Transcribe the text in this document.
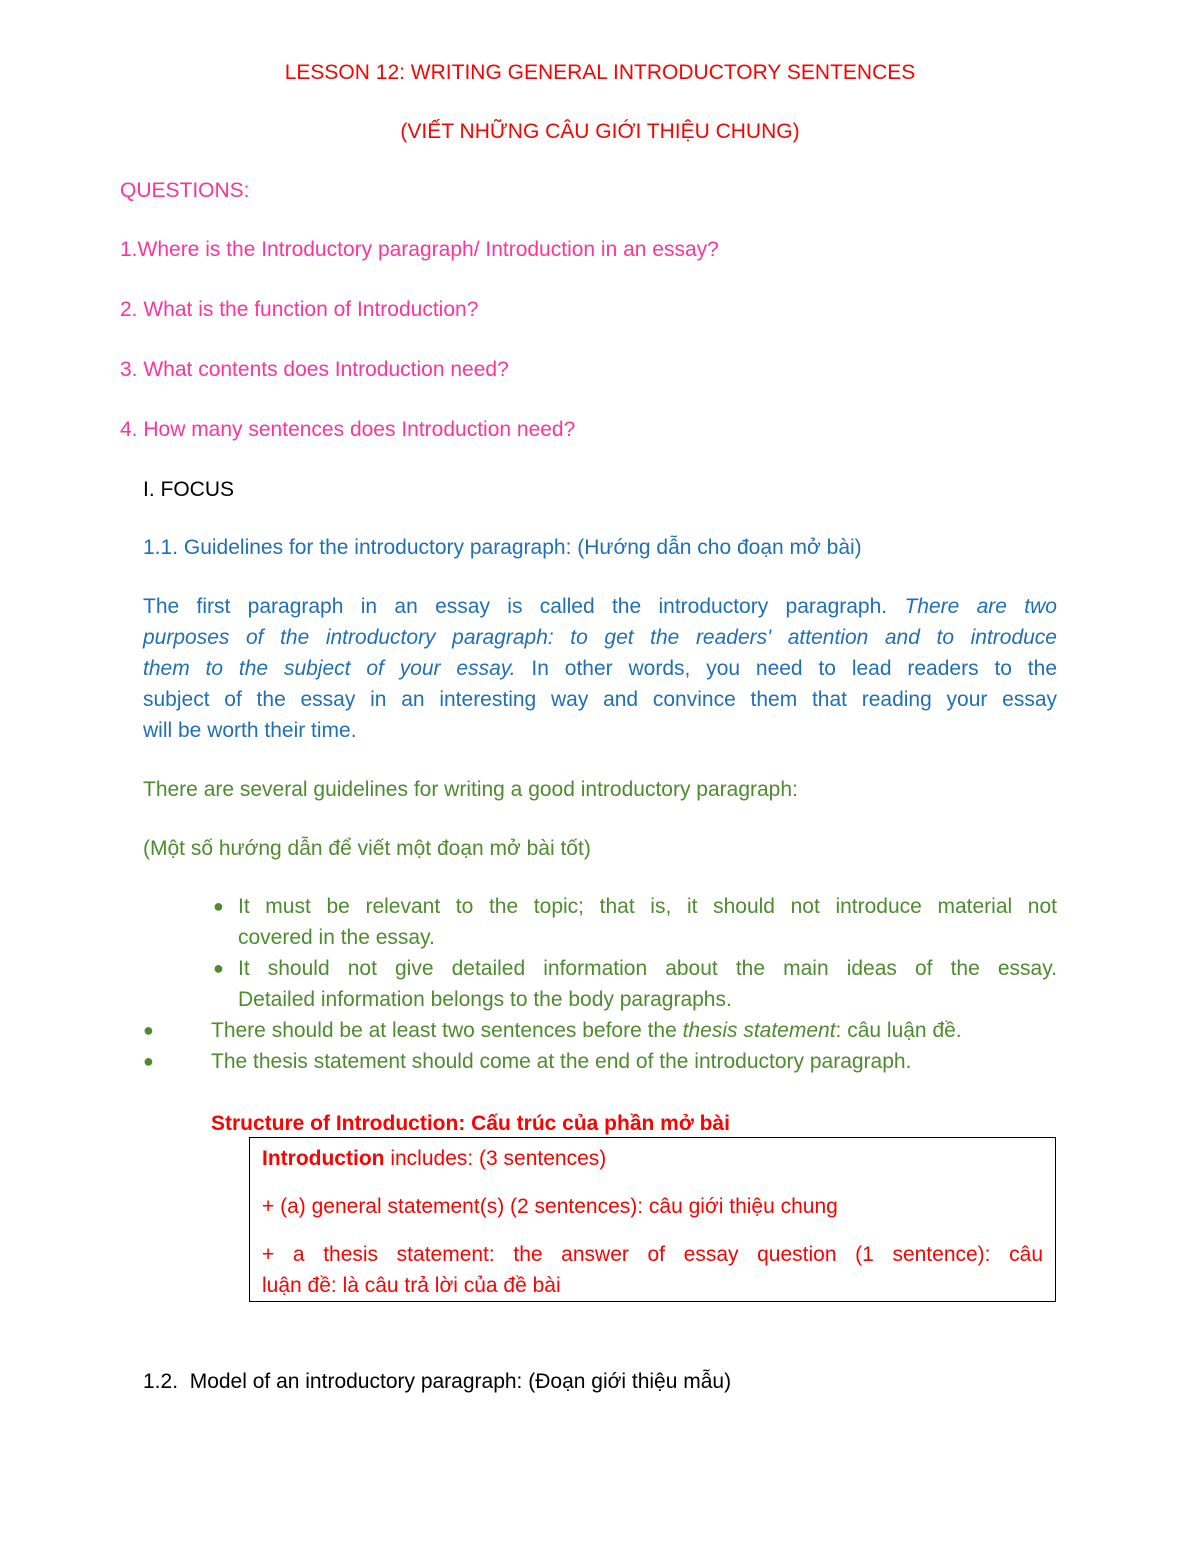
LESSON 12: WRITING GENERAL INTRODUCTORY SENTENCES
(VIẾT NHỮNG CÂU GIỚI THIỆU CHUNG)
QUESTIONS:
1.Where is the Introductory paragraph/ Introduction in an essay?
2. What is the function of Introduction?
3. What contents does Introduction need?
4. How many sentences does Introduction need?
I. FOCUS
1.1. Guidelines for the introductory paragraph: (Hướng dẫn cho đoạn mở bài)
The first paragraph in an essay is called the introductory paragraph. There are two
purposes of the introductory paragraph: to get the readers' attention and to introduce
them to the subject of your essay. In other words, you need to lead readers to the
subject of the essay in an interesting way and convince them that reading your essay
will be worth their time.
There are several guidelines for writing a good introductory paragraph:
(Một số hướng dẫn để viết một đoạn mở bài tốt)
● It must be relevant to the topic; that is, it should not introduce material not
covered in the essay.
● It should not give detailed information about the main ideas of the essay.
Detailed information belongs to the body paragraphs.
●	There should be at least two sentences before the thesis statement: câu luận đề.
●	The thesis statement should come at the end of the introductory paragraph.
Structure of Introduction: Cấu trúc của phần mở bài
Introduction includes: (3 sentences)
+ (a) general statement(s) (2 sentences): câu giới thiệu chung
+ a thesis statement: the answer of essay question (1 sentence): câu
luận đề: là câu trả lời của đề bài
1.2.  Model of an introductory paragraph: (Đoạn giới thiệu mẫu)
